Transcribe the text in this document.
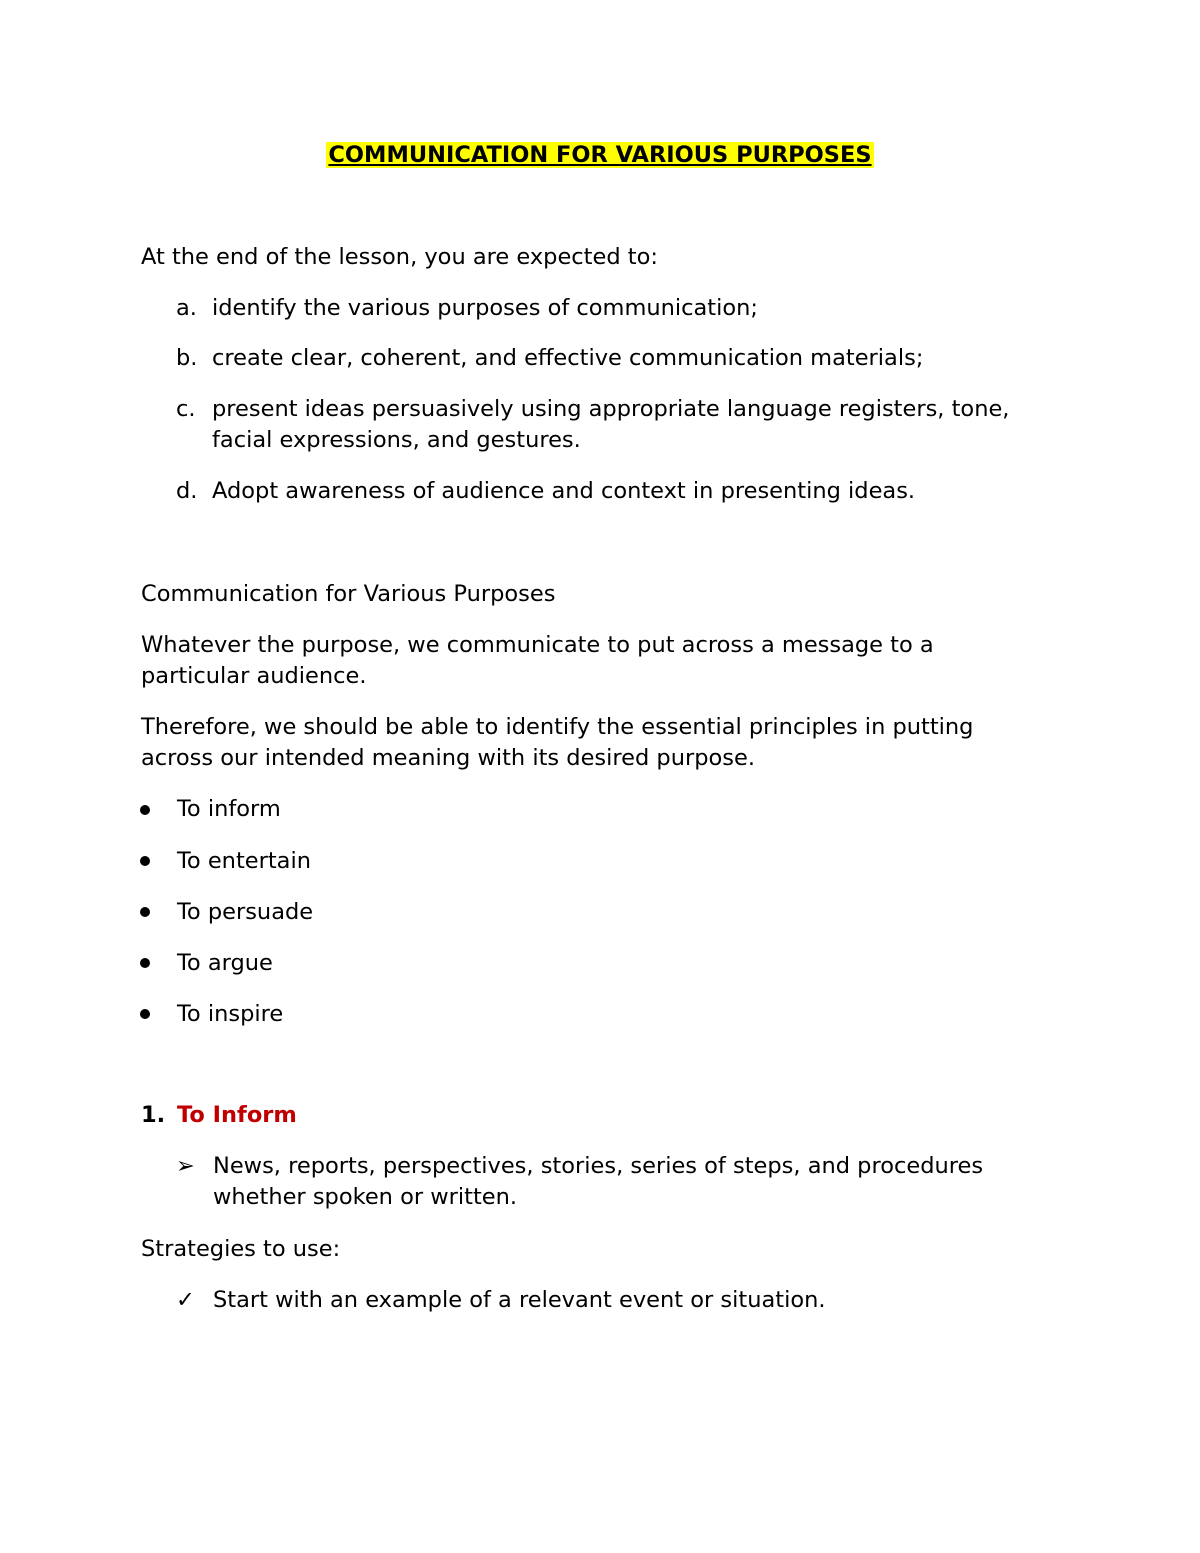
COMMUNICATION FOR VARIOUS PURPOSES
At the end of the lesson, you are expected to:
a. identify the various purposes of communication;
b. create clear, coherent, and effective communication materials;
c. present ideas persuasively using appropriate language registers, tone,
facial expressions, and gestures.
d. Adopt awareness of audience and context in presenting ideas.
Communication for Various Purposes
Whatever the purpose, we communicate to put across a message to a
particular audience.
Therefore, we should be able to identify the essential principles in putting
across our intended meaning with its desired purpose.
To inform
To entertain
To persuade
To argue
To inspire
1. To Inform
➢ News, reports, perspectives, stories, series of steps, and procedures
whether spoken or written.
Strategies to use:
✓ Start with an example of a relevant event or situation.
